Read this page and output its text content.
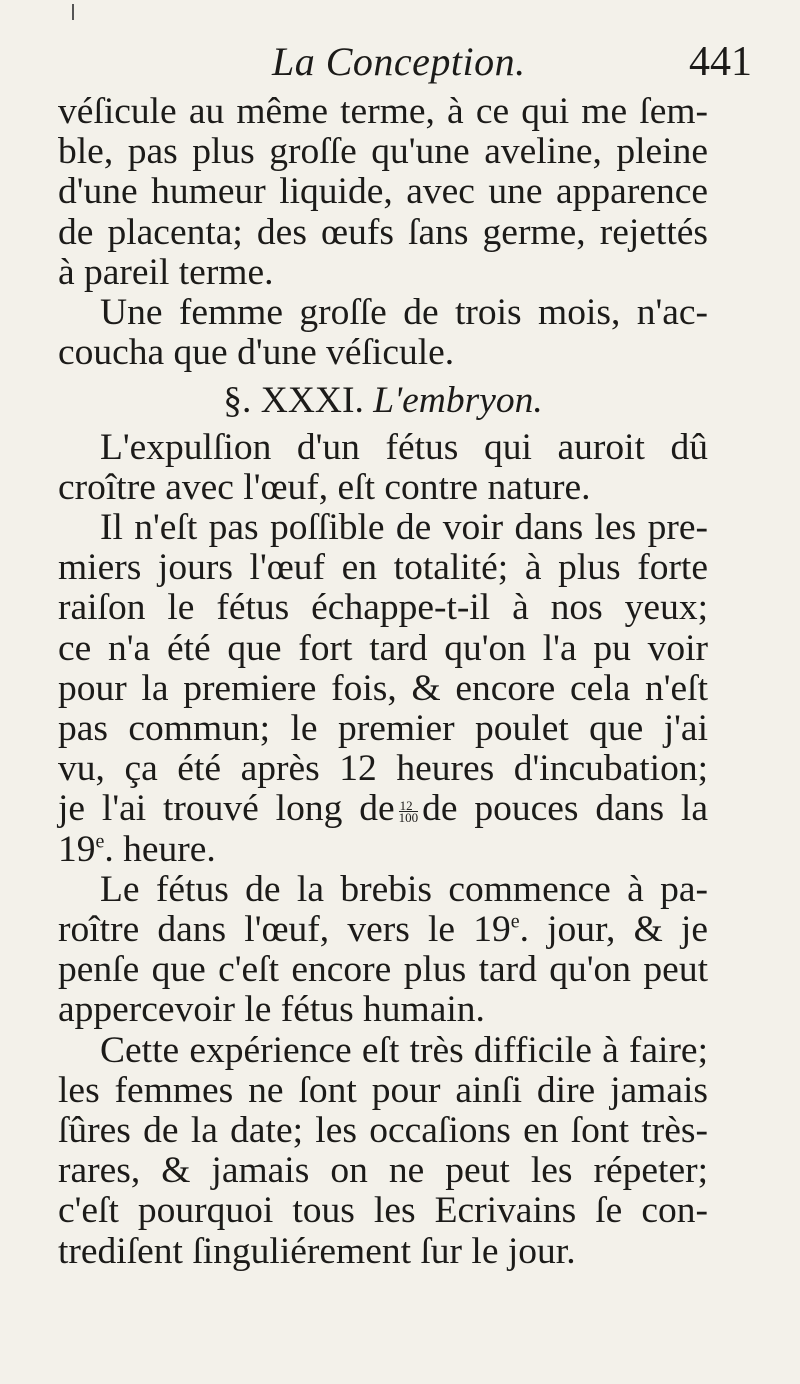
La Conception.	441
véſicule au même terme, à ce qui me ſem-
ble, pas plus groſſe qu'une aveline, pleine
d'une humeur liquide, avec une apparence
de placenta; des œufs ſans germe, rejettés
à pareil terme.
Une femme groſſe de trois mois, n'ac-
coucha que d'une véſicule.
§. XXXI. L'embryon.
L'expulſion d'un fétus qui auroit dû
croître avec l'œuf, eſt contre nature.
Il n'eſt pas poſſible de voir dans les pre-
miers jours l'œuf en totalité; à plus forte
raiſon le fétus échappe-t-il à nos yeux;
ce n'a été que fort tard qu'on l'a pu voir
pour la premiere fois, & encore cela n'eſt
pas commun; le premier poulet que j'ai
vu, ça été après 12 heures d'incubation;
je l'ai trouvé long de $\frac{12}{100}$ de pouces dans la
19e. heure.
Le fétus de la brebis commence à pa-
roître dans l'œuf, vers le 19e. jour, & je
penſe que c'eſt encore plus tard qu'on peut
appercevoir le fétus humain.
Cette expérience eſt très difficile à faire;
les femmes ne ſont pour ainſi dire jamais
ſûres de la date; les occaſions en ſont très-
rares, & jamais on ne peut les répeter;
c'eſt pourquoi tous les Ecrivains ſe con-
trediſent ſinguliérement ſur le jour.
